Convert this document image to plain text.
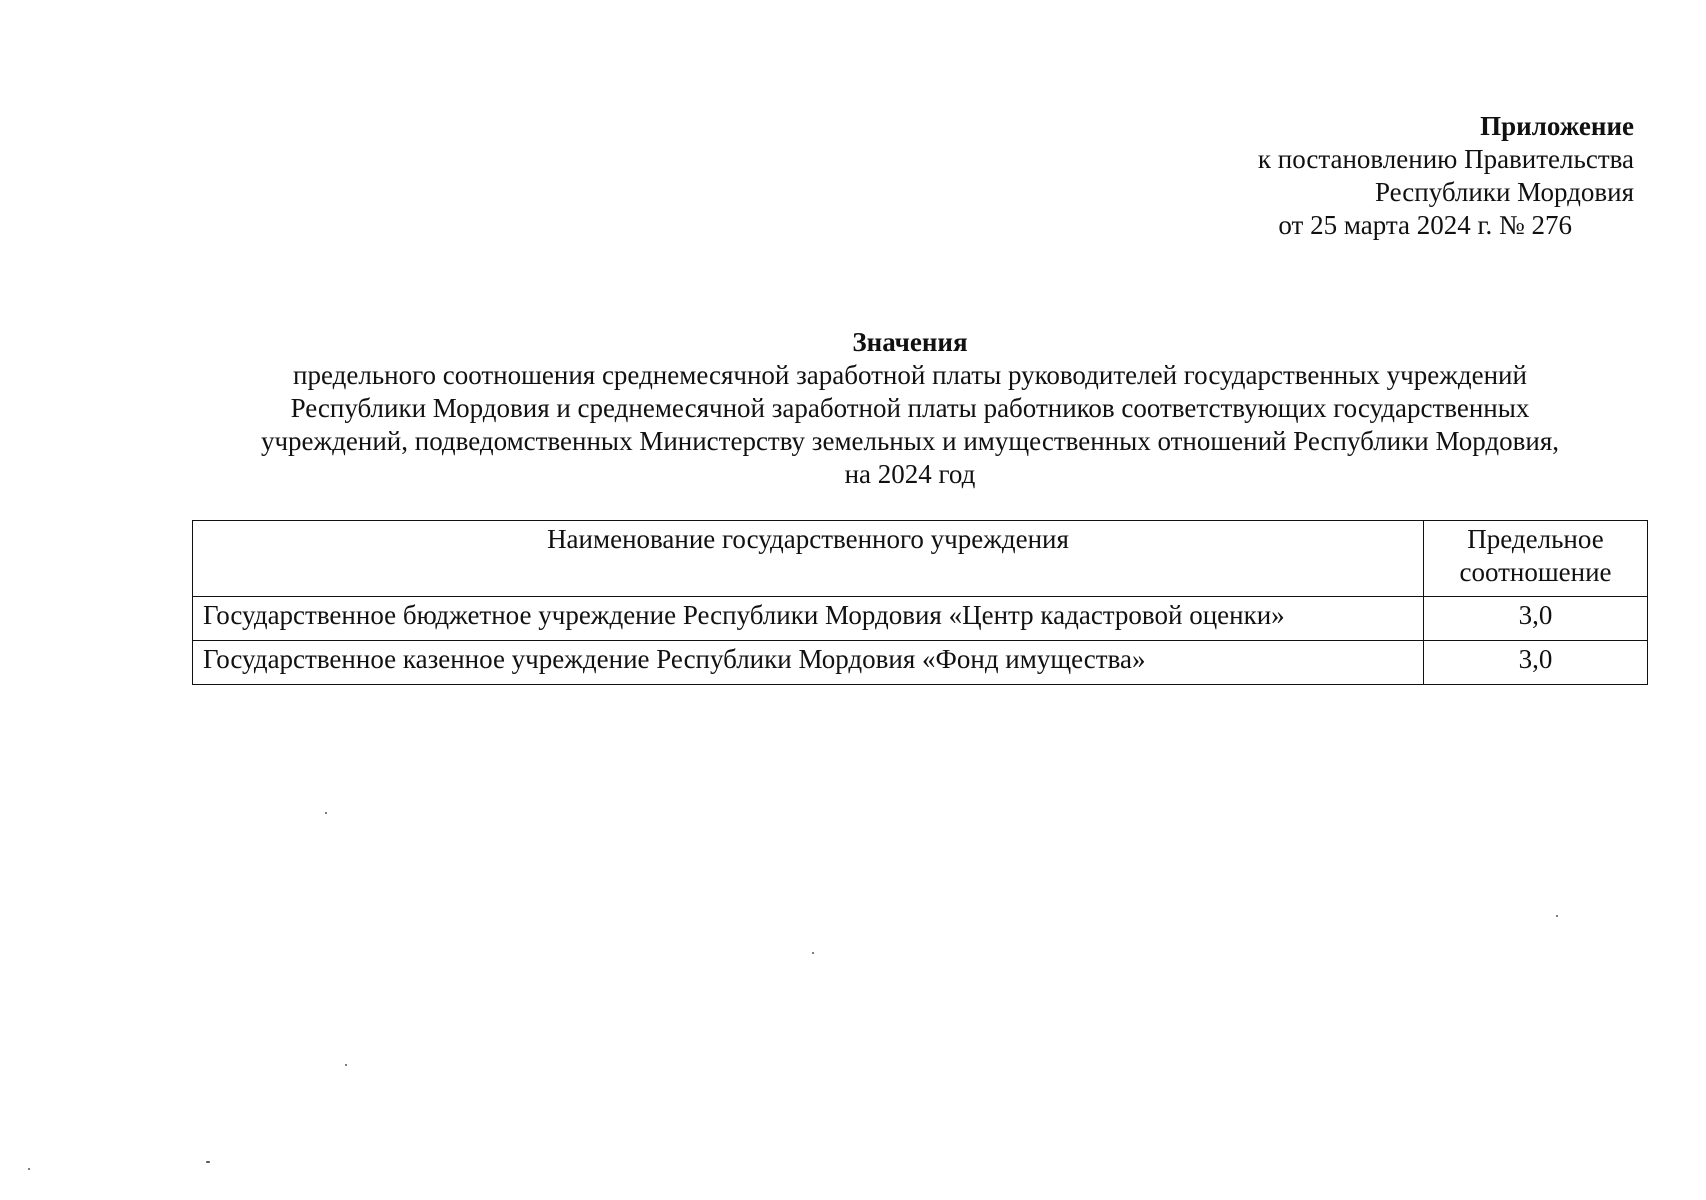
Приложение
к постановлению Правительства
Республики Мордовия
от 25 марта 2024 г. № 276
Значения
предельного соотношения среднемесячной заработной платы руководителей государственных учреждений
Республики Мордовия и среднемесячной заработной платы работников соответствующих государственных
учреждений, подведомственных Министерству земельных и имущественных отношений Республики Мордовия,
на 2024 год
Наименование государственного учреждения	Предельное
соотношение

Государственное бюджетное учреждение Республики Мордовия «Центр кадастровой оценки»	3,0
Государственное казенное учреждение Республики Мордовия «Фонд имущества»	3,0
